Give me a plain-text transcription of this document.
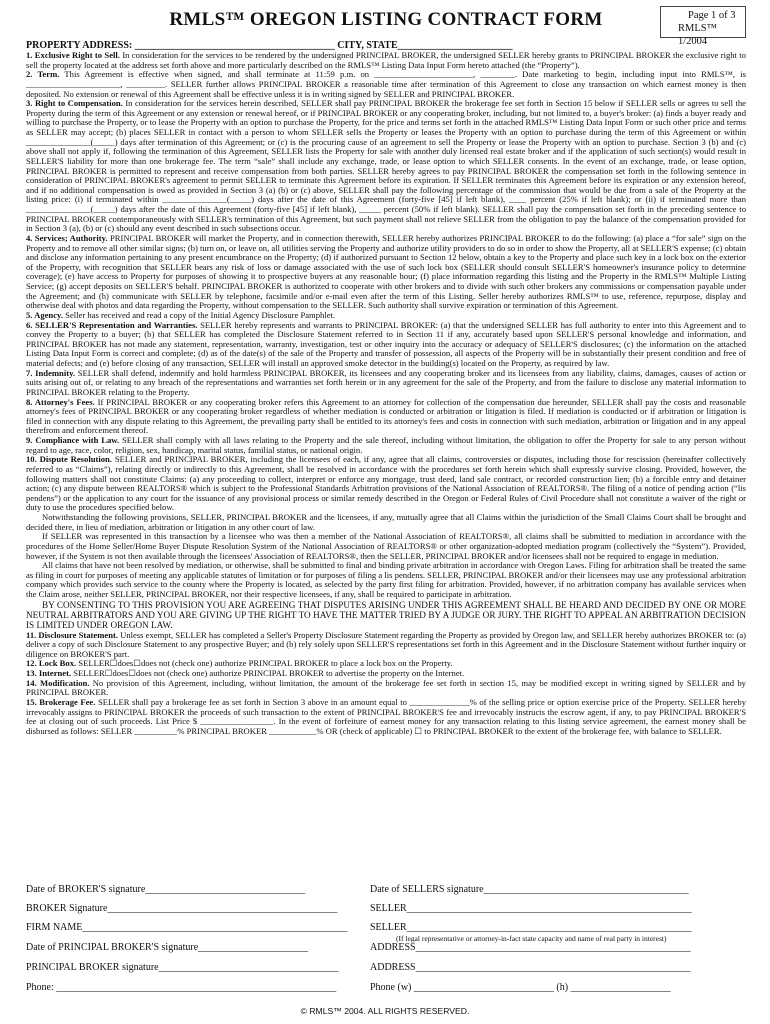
RMLS™ OREGON LISTING CONTRACT FORM	Page 1 of 3
RMLS™ 1/2004
PROPERTY ADDRESS: ________________________________________ CITY, STATE_______________________

1. Exclusive Right to Sell. In consideration for the services to be rendered by the undersigned PRINCIPAL BROKER, the undersigned SELLER hereby grants to PRINCIPAL BROKER the exclusive right to sell the property located at the address set forth above and more particularly described on the RMLS™ Listing Data Input Form hereto attached (the “Property”).

2. Term. This Agreement is effective when signed, and shall terminate at 11:59 p.m. on _______________________, ________. Date marketing to begin, including input into RMLS™, is ______________________, _________. SELLER further allows PRINCIPAL BROKER a reasonable time after termination of this Agreement to close any transaction on which earnest money is then deposited. No extension or renewal of this Agreement shall be effective unless it is in writing signed by SELLER and PRINCIPAL BROKER.

3. Right to Compensation. In consideration for the services herein described, SELLER shall pay PRINCIPAL BROKER the brokerage fee set forth in Section 15 below if SELLER sells or agrees to sell the Property during the term of this Agreement or any extension or renewal hereof, or if PRINCIPAL BROKER or any cooperating broker, including, but not limited to, a buyer's broker: (a) finds a buyer ready and willing to purchase the Property, or to lease the Property with an option to purchase the Property, for the price and terms set forth in the attached RMLS™ Listing Data Input Form or such other price and terms as SELLER may accept; (b) places SELLER in contact with a person to whom SELLER sells the Property or leases the Property with an option to purchase during the term of this Agreement or within _______________(_____) days after termination of this Agreement; or (c) is the procuring cause of an agreement to sell the Property or lease the Property with an option to purchase. Section 3 (b) and (c) above shall not apply if, following the termination of this Agreement, SELLER lists the Property for sale with another duly licensed real estate broker and if the application of such section(s) would result in SELLER'S liability for more than one brokerage fee. The term “sale” shall include any exchange, trade, or lease option to which SELLER consents. In the event of an exchange, trade, or lease option, PRINCIPAL BROKER is permitted to represent and receive compensation from both parties. SELLER hereby agrees to pay PRINCIPAL BROKER the compensation set forth in the following sentence in consideration of PRINCIPAL BROKER's agreement to permit SELLER to terminate this Agreement before its expiration. If SELLER terminates this Agreement before its expiration or any extension hereof, and if no additional compensation is owed as provided in Section 3 (a) (b) or (c) above, SELLER shall pay the following percentage of the commission that would be due from a sale of the Property at the listing price: (i) if terminated within _______________(_____) days after the date of this Agreement (forty-five [45] if left blank), ____ percent (25% if left blank); or (ii) if terminated more than _______________(_____) days after the date of this Agreement (forty-five [45] if left blank), _____ percent (50% if left blank). SELLER shall pay the compensation set forth in the preceding sentence to PRINCIPAL BROKER contemporaneously with SELLER's termination of this Agreement, but such payment shall not relieve SELLER from the obligation to pay the balance of the compensation provided for in Section 3 (a), (b) or (c) should any event described in such subsections occur.

4. Services; Authority. PRINCIPAL BROKER will market the Property, and in connection therewith, SELLER hereby authorizes PRINCIPAL BROKER to do the following: (a) place a “for sale” sign on the Property and to remove all other similar signs; (b) turn on, or leave on, all utilities serving the Property and authorize utility providers to do so in order to show the Property, all at SELLER'S expense; (c) obtain and disclose any information pertaining to any present encumbrance on the Property; (d) if authorized pursuant to Section 12 below, obtain a key to the Property and place such key in a lock box on the exterior of the Property, with recognition that SELLER bears any risk of loss or damage associated with the use of such lock box (SELLER should consult SELLER'S homeowner's insurance policy to determine coverage); (e) have access to Property for purposes of showing it to prospective buyers at any reasonable hour; (f) place information regarding this listing and the Property in the RMLS™ Multiple Listing Service; (g) accept deposits on SELLER'S behalf. PRINCIPAL BROKER is authorized to cooperate with other brokers and to divide with such other brokers any commissions or compensation payable under the Agreement; and (h) communicate with SELLER by telephone, facsimile and/or e-mail even after the term of this Listing. Seller hereby authorizes RMLS™ to use, reference, repurpose, display and otherwise deal with photos and data regarding the Property, without compensation to the SELLER. Such authority shall survive expiration or termination of this Agreement.

5. Agency. Seller has received and read a copy of the Initial Agency Disclosure Pamphlet.

6. SELLER'S Representation and Warranties. SELLER hereby represents and warrants to PRINCIPAL BROKER: (a) that the undersigned SELLER has full authority to enter into this Agreement and to convey the Property to a buyer; (b) that SELLER has completed the Disclosure Statement referred to in Section 11 if any, accurately based upon SELLER'S personal knowledge and information, and PRINCIPAL BROKER has not made any statement, representation, warranty, investigation, test or other inquiry into the accuracy or adequacy of SELLER'S disclosures; (c) the information on the attached Listing Data Input Form is correct and complete; (d) as of the date(s) of the sale of the Property and transfer of possession, all aspects of the Property will be in substantially their present condition and free of material defects; and (e) before closing of any transaction, SELLER will install an approved smoke detector in the building(s) located on the Property, as required by law.

7. Indemnity. SELLER shall defend, indemnify and hold harmless PRINCIPAL BROKER, its licensees and any cooperating broker and its licensees from any liability, claims, damages, causes of action or suits arising out of, or relating to any breach of the representations and warranties set forth herein or in any agreement for the sale of the Property, and from the failure to disclose any material information to PRINCIPAL BROKER relating to the Property.

8. Attorney's Fees. If PRINCIPAL BROKER or any cooperating broker refers this Agreement to an attorney for collection of the compensation due hereunder, SELLER shall pay the costs and reasonable attorney's fees of PRINCIPAL BROKER or any cooperating broker regardless of whether mediation is conducted or arbitration or litigation is filed. If mediation is conducted or if arbitration or litigation is filed in connection with any dispute relating to this Agreement, the prevailing party shall be entitled to its attorney's fees and costs in connection with such mediation, arbitration or litigation and in any appeal therefrom and enforcement thereof.

9. Compliance with Law. SELLER shall comply with all laws relating to the Property and the sale thereof, including without limitation, the obligation to offer the Property for sale to any person without regard to age, race, color, religion, sex, handicap, marital status, familial status, or national origin.

10. Dispute Resolution. SELLER and PRINCIPAL BROKER, including the licensees of each, if any, agree that all claims, controversies or disputes, including those for rescission (hereinafter collectively referred to as “Claims”), relating directly or indirectly to this Agreement, shall be resolved in accordance with the procedures set forth herein which shall expressly survive closing. Provided, however, the following matters shall not constitute Claims: (a) any proceeding to collect, interpret or enforce any mortgage, trust deed, land sale contract, or recorded construction lien; (b) a forcible entry and detainer action; (c) any dispute between REALTORS® which is subject to the Professional Standards Arbitration provisions of the National Association of REALTORS®. The filing of a notice of pending action (“lis pendens”) or the application to any court for the issuance of any provisional process or similar remedy described in the Oregon or Federal Rules of Civil Procedure shall not constitute a waiver of the right or duty to use the procedures specified below.

Notwithstanding the following provisions, SELLER, PRINCIPAL BROKER and the licensees, if any, mutually agree that all Claims within the jurisdiction of the Small Claims Court shall be brought and decided there, in lieu of mediation, arbitration or litigation in any other court of law.

If SELLER was represented in this transaction by a licensee who was then a member of the National Association of REALTORS®, all claims shall be submitted to mediation in accordance with the procedures of the Home Seller/Home Buyer Dispute Resolution System of the National Association of REALTORS® or other organization-adopted mediation program (collectively the “System”). Provided, however, if the System is not then available through the licensees' Association of REALTORS®, then the SELLER, PRINCIPAL BROKER and/or licensees shall not be required to engage in mediation.

All claims that have not been resolved by mediation, or otherwise, shall be submitted to final and binding private arbitration in accordance with Oregon Laws. Filing for arbitration shall be treated the same as filing in court for purposes of meeting any applicable statutes of limitation or for purposes of filing a lis pendens. SELLER, PRINCIPAL BROKER and/or their licensees may use any professional arbitration company which provides such service to the county where the Property is located, as selected by the party first filing for arbitration. Provided, however, if no arbitration company has available services when the Claim arose, neither SELLER, PRINCIPAL BROKER, nor their respective licensees, if any, shall be required to participate in arbitration.

BY CONSENTING TO THIS PROVISION YOU ARE AGREEING THAT DISPUTES ARISING UNDER THIS AGREEMENT SHALL BE HEARD AND DECIDED BY ONE OR MORE NEUTRAL ARBITRATORS AND YOU ARE GIVING UP THE RIGHT TO HAVE THE MATTER TRIED BY A JUDGE OR JURY. THE RIGHT TO APPEAL AN ARBITRATION DECISION IS LIMITED UNDER OREGON LAW.

11. Disclosure Statement. Unless exempt, SELLER has completed a Seller's Property Disclosure Statement regarding the Property as provided by Oregon law, and SELLER hereby authorizes BROKER to: (a) deliver a copy of such Disclosure Statement to any prospective Buyer; and (b) rely solely upon SELLER'S representations set forth in this Agreement and in the Disclosure Statement without further inquiry or diligence on BROKER'S part.

12. Lock Box. SELLER☐does☐does not (check one) authorize PRINCIPAL BROKER to place a lock box on the Property.

13. Internet. SELLER☐does☐does not (check one) authorize PRINCIPAL BROKER to advertise the property on the Internet.

14. Modification. No provision of this Agreement, including, without limitation, the amount of the brokerage fee set forth in section 15, may be modified except in writing signed by SELLER and by PRINCIPAL BROKER.

15. Brokerage Fee. SELLER shall pay a brokerage fee as set forth in Section 3 above in an amount equal to ______________% of the selling price or option exercise price of the Property. SELLER hereby irrevocably assigns to PRINCIPAL BROKER the proceeds of such transaction to the extent of PRINCIPAL BROKER'S fee and irrevocably instructs the escrow agent, if any, to pay PRINCIPAL BROKER'S fee at closing out of such proceeds. List Price $ _________________. In the event of forfeiture of earnest money for any transaction relating to this listing service agreement, the earnest money shall be disbursed as follows: SELLER __________% PRINCIPAL BROKER ___________% OR (check of applicable) ☐ to PRINCIPAL BROKER to the extent of the brokerage fee, with balance to SELLER.

Date of BROKER'S signature________________________________	Date of SELLERS signature_________________________________________
BROKER Signature______________________________________________	SELLER_________________________________________________________
FIRM NAME_____________________________________________________ SELLER_________________________________________________________
(If legal representative or attorney-in-fact state capacity and name of real party in interest)
Date of PRINCIPAL BROKER'S signature______________________	ADDRESS_______________________________________________________
PRINCIPAL BROKER signature____________________________________	ADDRESS_______________________________________________________
Phone: ________________________________________________________	Phone (w) ____________________________ (h) ____________________
© RMLS™ 2004. ALL RIGHTS RESERVED.
